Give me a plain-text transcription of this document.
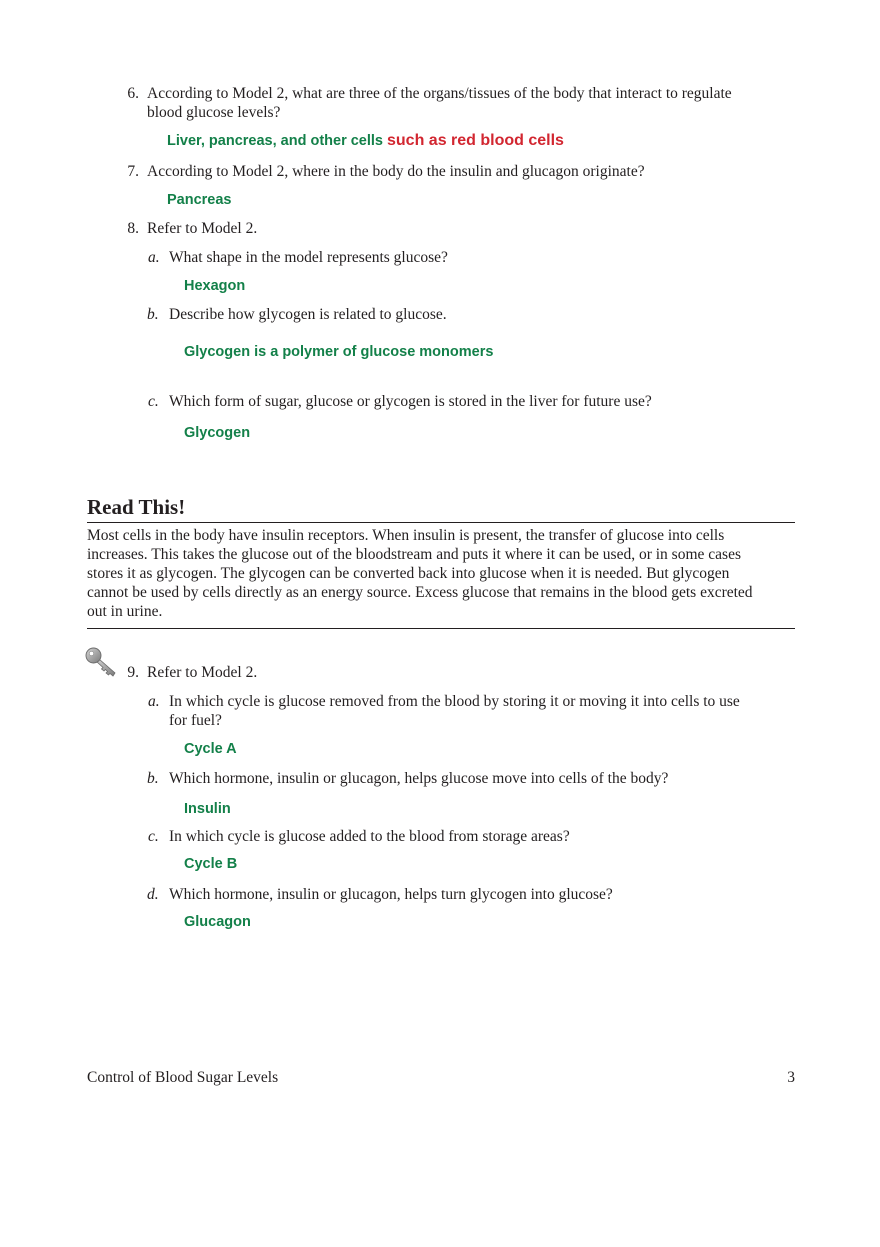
6. According to Model 2, what are three of the organs/tissues of the body that interact to regulate
blood glucose levels?
Liver, pancreas, and other cells such as red blood cells
7. According to Model 2, where in the body do the insulin and glucagon originate?
Pancreas
8. Refer to Model 2.
a. What shape in the model represents glucose?
Hexagon
b. Describe how glycogen is related to glucose.
Glycogen is a polymer of glucose monomers
c. Which form of sugar, glucose or glycogen is stored in the liver for future use?
Glycogen
Read This!
Most cells in the body have insulin receptors. When insulin is present, the transfer of glucose into cells
increases. This takes the glucose out of the bloodstream and puts it where it can be used, or in some cases
stores it as glycogen. The glycogen can be converted back into glucose when it is needed. But glycogen
cannot be used by cells directly as an energy source. Excess glucose that remains in the blood gets excreted
out in urine.
9. Refer to Model 2.
a. In which cycle is glucose removed from the blood by storing it or moving it into cells to use
for fuel?
Cycle A
b. Which hormone, insulin or glucagon, helps glucose move into cells of the body?
Insulin
c. In which cycle is glucose added to the blood from storage areas?
Cycle B
d. Which hormone, insulin or glucagon, helps turn glycogen into glucose?
Glucagon
Control of Blood Sugar Levels	3
